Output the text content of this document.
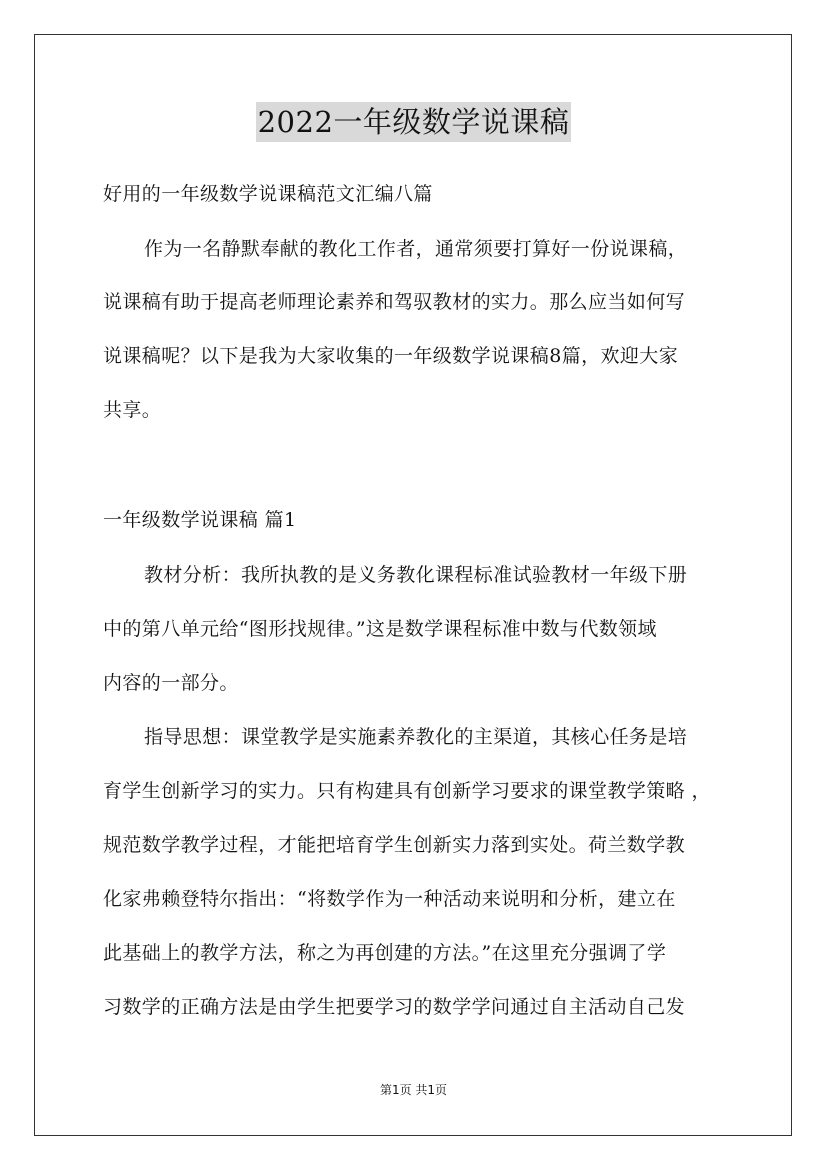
2022一年级数学说课稿
好用的一年级数学说课稿范文汇编八篇
作为一名静默奉献的教化工作者，通常须要打算好一份说课稿，
说课稿有助于提高老师理论素养和驾驭教材的实力。那么应当如何写
说课稿呢？以下是我为大家收集的一年级数学说课稿8篇，欢迎大家
共享。
一年级数学说课稿 篇1
教材分析：我所执教的是义务教化课程标准试验教材一年级下册
中的第八单元给“图形找规律。”这是数学课程标准中数与代数领域
内容的一部分。
指导思想：课堂教学是实施素养教化的主渠道，其核心任务是培
育学生创新学习的实力。只有构建具有创新学习要求的课堂教学策略 ，
规范数学教学过程，才能把培育学生创新实力落到实处。荷兰数学教
化家弗赖登特尔指出：“将数学作为一种活动来说明和分析，建立在
此基础上的教学方法，称之为再创建的方法。”在这里充分强调了学
习数学的正确方法是由学生把要学习的数学学问通过自主活动自己发
第1页 共1页
